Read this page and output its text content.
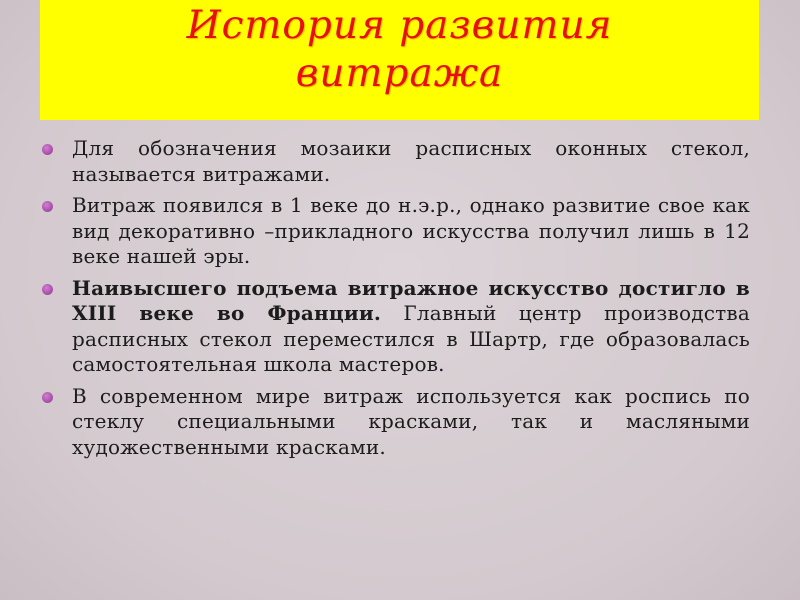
История развития
витража
Для обозначения мозаики расписных оконных стекол, называется витражами.
Витраж появился в 1 веке до н.э.р., однако развитие свое как вид декоративно –прикладного искусства получил лишь в 12 веке нашей эры.
Наивысшего подъема витражное искусство достигло в XIII веке во Франции. Главный центр производства расписных стекол переместился в Шартр, где образовалась самостоятельная школа мастеров.
В современном мире витраж используется как роспись по стеклу специальными красками, так и масляными художественными красками.
